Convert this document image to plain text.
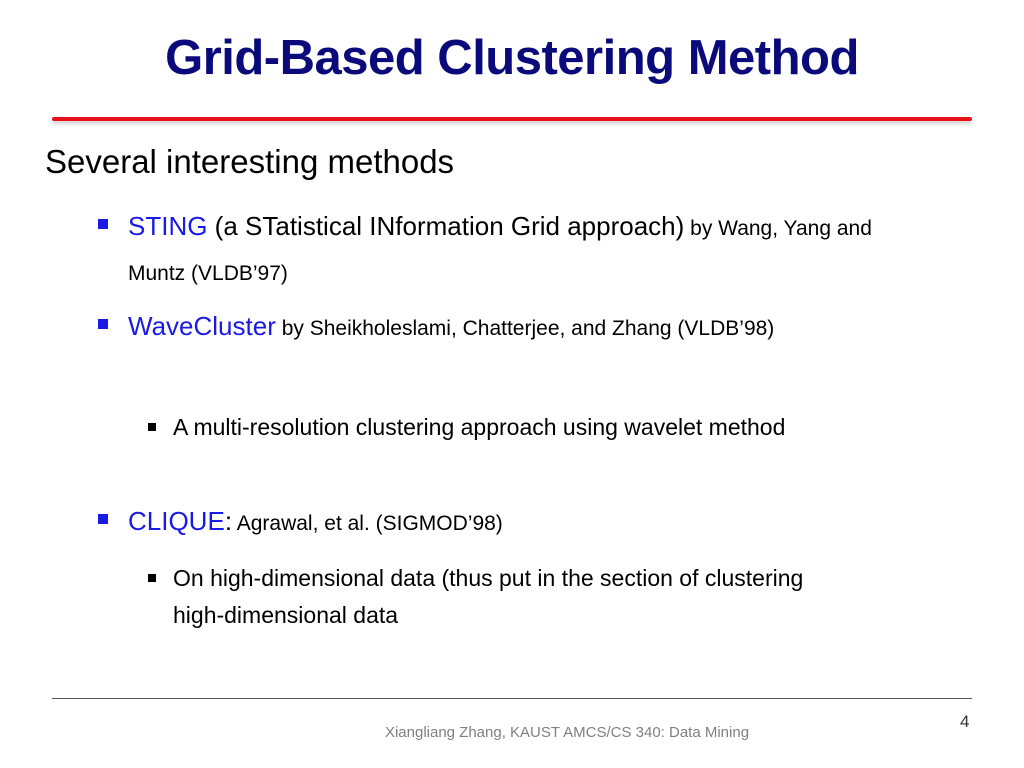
Grid-Based Clustering Method
Several interesting methods
STING (a STatistical INformation Grid approach) by Wang, Yang and Muntz (VLDB’97)
WaveCluster by Sheikholeslami, Chatterjee, and Zhang (VLDB’98)
A multi-resolution clustering approach using wavelet method
CLIQUE: Agrawal, et al. (SIGMOD’98)
On high-dimensional data (thus put in the section of clustering high-dimensional data
Xiangliang Zhang, KAUST AMCS/CS 340: Data Mining
4
